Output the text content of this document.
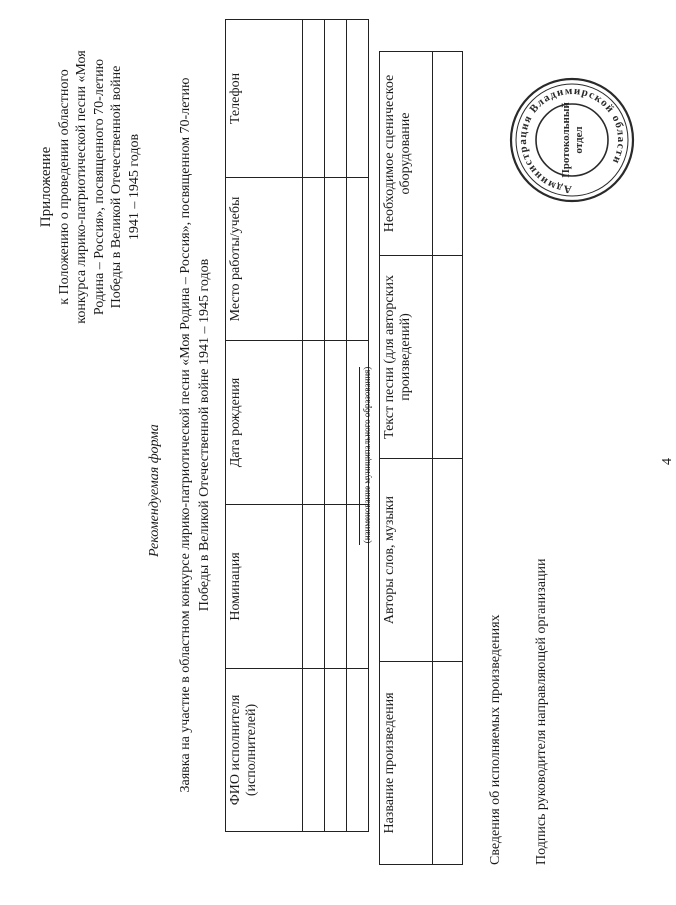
4
Приложение к Положению о проведении областного конкурса лирико-патриотической песни «Моя Родина – Россия», посвященного 70-летию Победы в Великой Отечественной войне 1941 – 1945 годов
Рекомендуемая форма Заявка на участие в областном конкурсе лирико-патриотической песни «Моя Родина – Россия», посвященном 70-летию Победы в Великой Отечественной войне 1941 – 1945 годов
ФИО исполнителя (исполнителей)	Номинация	Дата рождения	Место работы/учебы	Телефон

(наименование муниципального образования)
Название произведения	Авторы слов, музыки	Текст песни (для авторских произведений)	Необходимое сценическое оборудование

Сведения об исполняемых произведениях Подпись руководителя направляющей организации
Администрация Владимирской области
Протокольныйотдел
